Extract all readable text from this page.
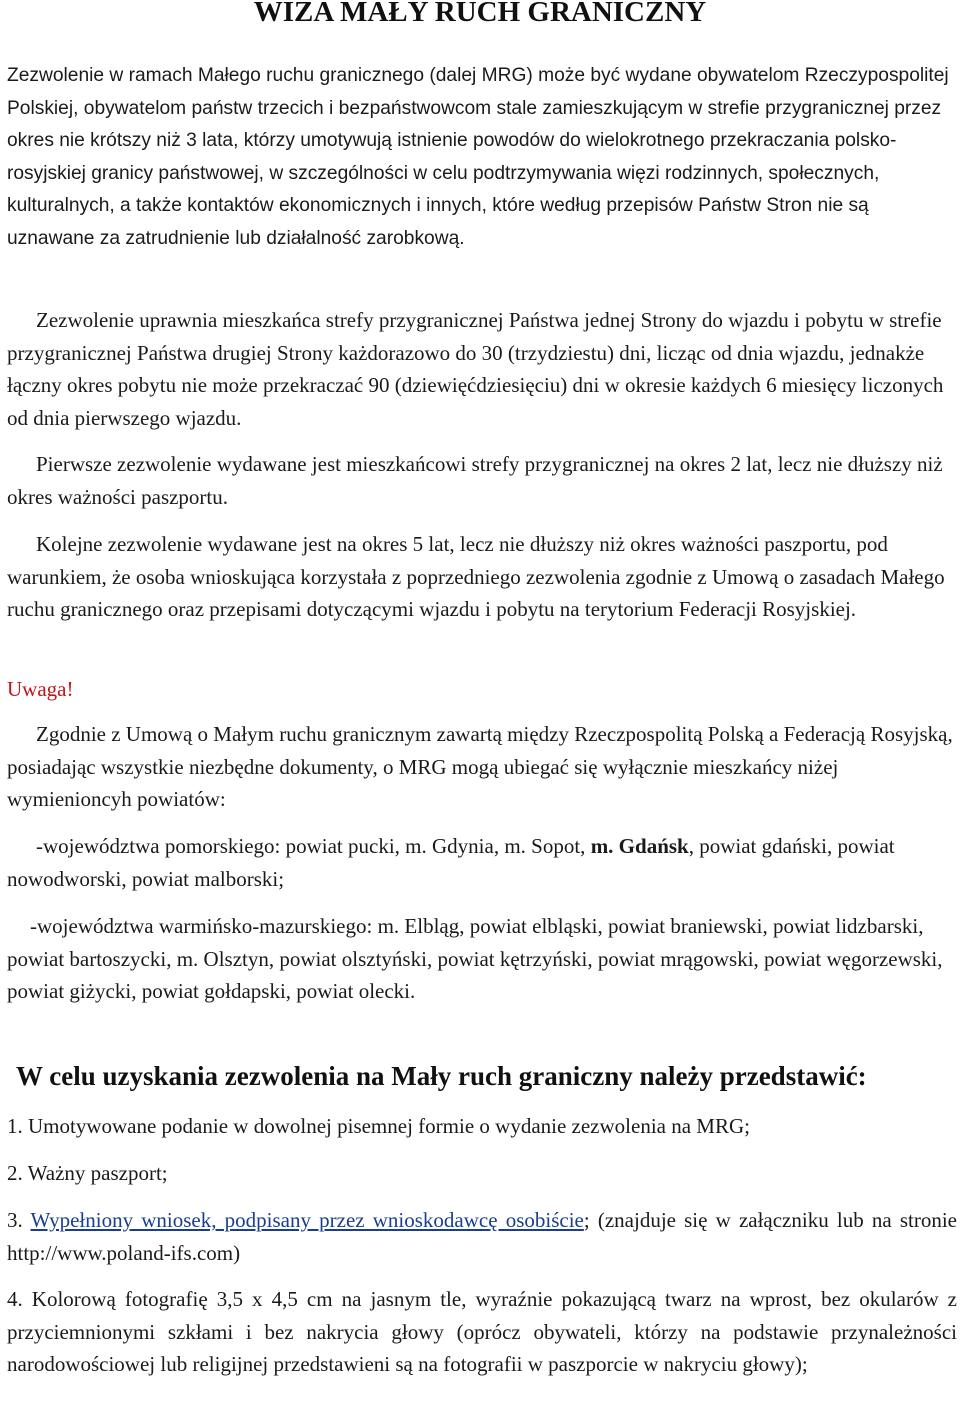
WIZA MAŁY RUCH GRANICZNY
Zezwolenie w ramach Małego ruchu granicznego (dalej MRG) może być wydane obywatelom Rzeczypospolitej Polskiej, obywatelom państw trzecich i bezpaństwowcom stale zamieszkującym w strefie przygranicznej przez okres nie krótszy niż 3 lata, którzy umotywują istnienie powodów do wielokrotnego przekraczania polsko-rosyjskiej granicy państwowej, w szczególności w celu podtrzymywania więzi rodzinnych, społecznych, kulturalnych, a także kontaktów ekonomicznych i innych, które według przepisów Państw Stron nie są uznawane za zatrudnienie lub działalność zarobkową.
Zezwolenie uprawnia mieszkańca strefy przygranicznej Państwa jednej Strony do wjazdu i pobytu w strefie przygranicznej Państwa drugiej Strony każdorazowo do 30 (trzydziestu) dni, licząc od dnia wjazdu, jednakże łączny okres pobytu nie może przekraczać 90 (dziewięćdziesięciu) dni w okresie każdych 6 miesięcy liczonych od dnia pierwszego wjazdu.
Pierwsze zezwolenie wydawane jest mieszkańcowi strefy przygranicznej na okres 2 lat, lecz nie dłuższy niż okres ważności paszportu.
Kolejne zezwolenie wydawane jest na okres 5 lat, lecz nie dłuższy niż okres ważności paszportu, pod warunkiem, że osoba wnioskująca korzystała z poprzedniego zezwolenia zgodnie z Umową o zasadach Małego ruchu granicznego oraz przepisami dotyczącymi wjazdu i pobytu na terytorium Federacji Rosyjskiej.
Uwaga!
Zgodnie z Umową o Małym ruchu granicznym zawartą między Rzeczpospolitą Polską a Federacją Rosyjską, posiadając wszystkie niezbędne dokumenty, o MRG mogą ubiegać się wyłącznie mieszkańcy niżej wymienioncyh powiatów:
-województwa pomorskiego: powiat pucki, m. Gdynia, m. Sopot, m. Gdańsk, powiat gdański, powiat nowodworski, powiat malborski;
-województwa warmińsko-mazurskiego: m. Elbląg, powiat elbląski, powiat braniewski, powiat lidzbarski, powiat bartoszycki, m. Olsztyn, powiat olsztyński, powiat kętrzyński, powiat mrągowski, powiat węgorzewski, powiat giżycki, powiat gołdapski, powiat olecki.
W celu uzyskania zezwolenia na Mały ruch graniczny należy przedstawić:
1. Umotywowane podanie w dowolnej pisemnej formie o wydanie zezwolenia na MRG;
2. Ważny paszport;
3. Wypełniony wniosek, podpisany przez wnioskodawcę osobiście; (znajduje się w załączniku lub na stronie http://www.poland-ifs.com)
4. Kolorową fotografię 3,5 x 4,5 cm na jasnym tle, wyraźnie pokazującą twarz na wprost, bez okularów z przyciemnionymi szkłami i bez nakrycia głowy (oprócz obywateli, którzy na podstawie przynależności narodowościowej lub religijnej przedstawieni są na fotografii w paszporcie w nakryciu głowy);
